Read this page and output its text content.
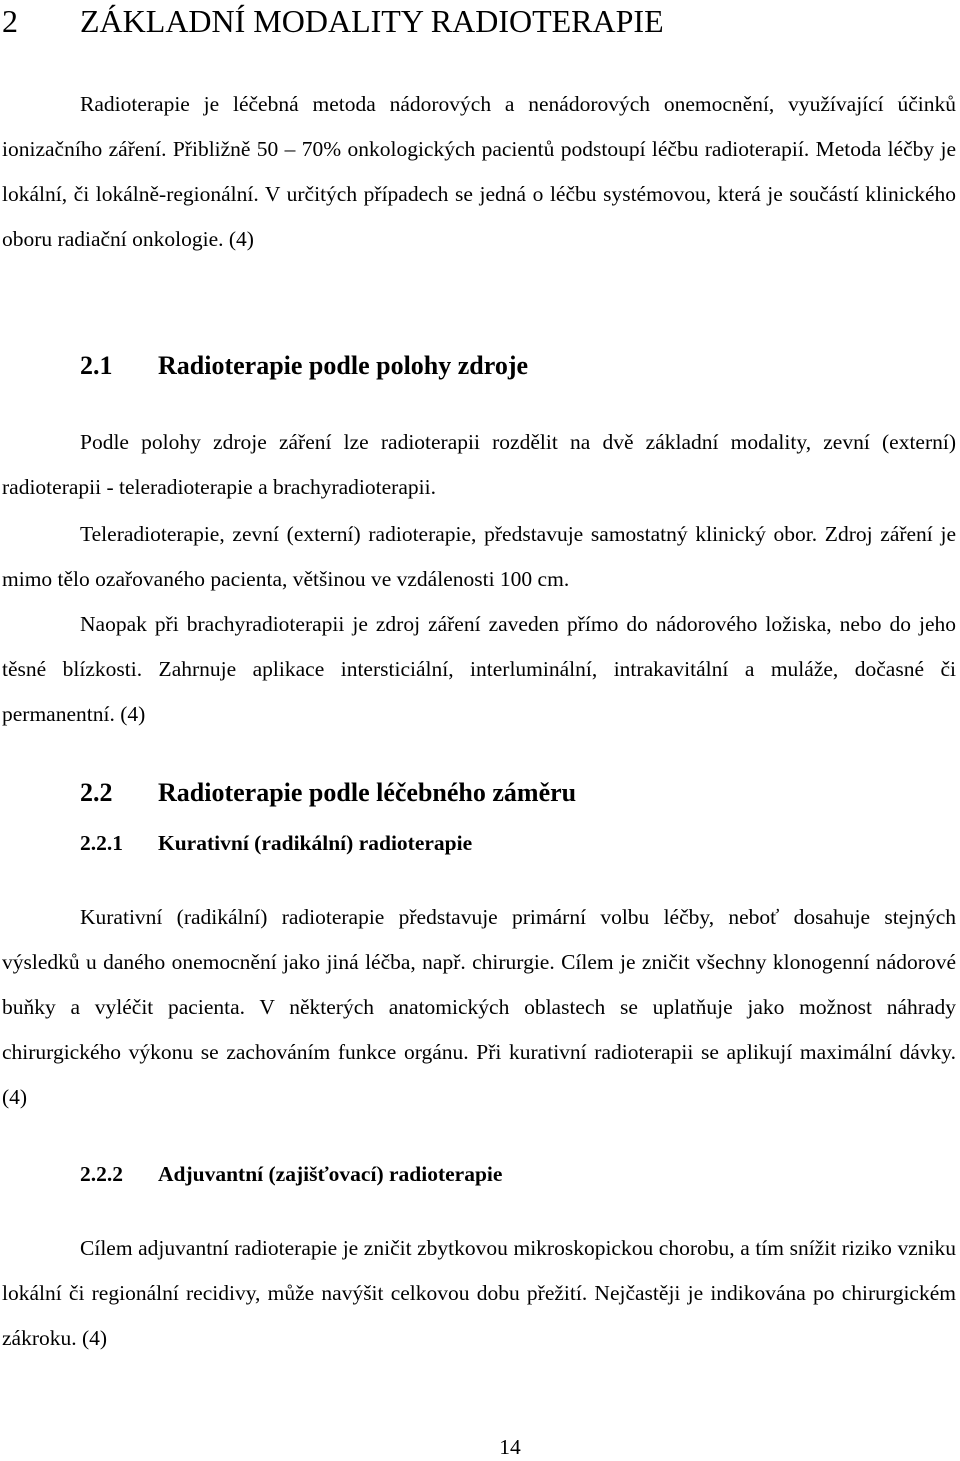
2 ZÁKLADNÍ MODALITY RADIOTERAPIE

Radioterapie je léčebná metoda nádorových a nenádorových onemocnění, využívající účinků ionizačního záření. Přibližně 50 – 70% onkologických pacientů podstoupí léčbu radioterapií. Metoda léčby je lokální, či lokálně-regionální. V určitých případech se jedná o léčbu systémovou, která je součástí klinického oboru radiační onkologie. (4)

2.1 Radioterapie podle polohy zdroje

Podle polohy zdroje záření lze radioterapii rozdělit na dvě základní modality, zevní (externí) radioterapii - teleradioterapie a brachyradioterapii.

Teleradioterapie, zevní (externí) radioterapie, představuje samostatný klinický obor. Zdroj záření je mimo tělo ozařovaného pacienta, většinou ve vzdálenosti 100 cm.

Naopak při brachyradioterapii je zdroj záření zaveden přímo do nádorového ložiska, nebo do jeho těsné blízkosti. Zahrnuje aplikace intersticiální, interluminální, intrakavitální a muláže, dočasné či permanentní. (4)

2.2 Radioterapie podle léčebného záměru
2.2.1 Kurativní (radikální) radioterapie

Kurativní (radikální) radioterapie představuje primární volbu léčby, neboť dosahuje stejných výsledků u daného onemocnění jako jiná léčba, např. chirurgie. Cílem je zničit všechny klonogenní nádorové buňky a vyléčit pacienta. V některých anatomických oblastech se uplatňuje jako možnost náhrady chirurgického výkonu se zachováním funkce orgánu. Při kurativní radioterapii se aplikují maximální dávky. (4)

2.2.2 Adjuvantní (zajišťovací) radioterapie

Cílem adjuvantní radioterapie je zničit zbytkovou mikroskopickou chorobu, a tím snížit riziko vzniku lokální či regionální recidivy, může navýšit celkovou dobu přežití. Nejčastěji je indikována po chirurgickém zákroku. (4)

14
